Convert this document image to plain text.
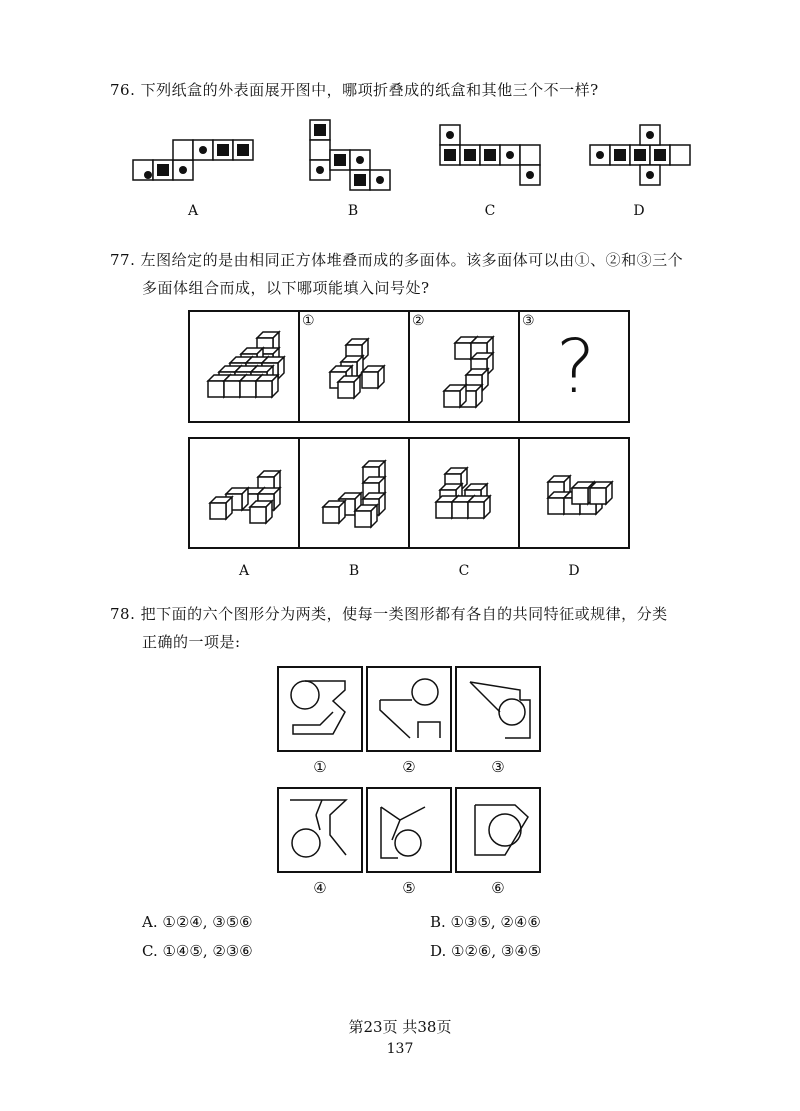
76. 下列纸盒的外表面展开图中，哪项折叠成的纸盒和其他三个不一样?
A	B	C	D
77. 左图给定的是由相同正方体堆叠而成的多面体。该多面体可以由①、②和③三个
多面体组合而成，以下哪项能填入问号处?
①	②	③
?
A	B	C	D
78. 把下面的六个图形分为两类，使每一类图形都有各自的共同特征或规律，分类
正确的一项是:
①	②	③
④	⑤	⑥
A. ①②④, ③⑤⑥	B. ①③⑤, ②④⑥
C. ①④⑤, ②③⑥	D. ①②⑥, ③④⑤
第23页 共38页
137
